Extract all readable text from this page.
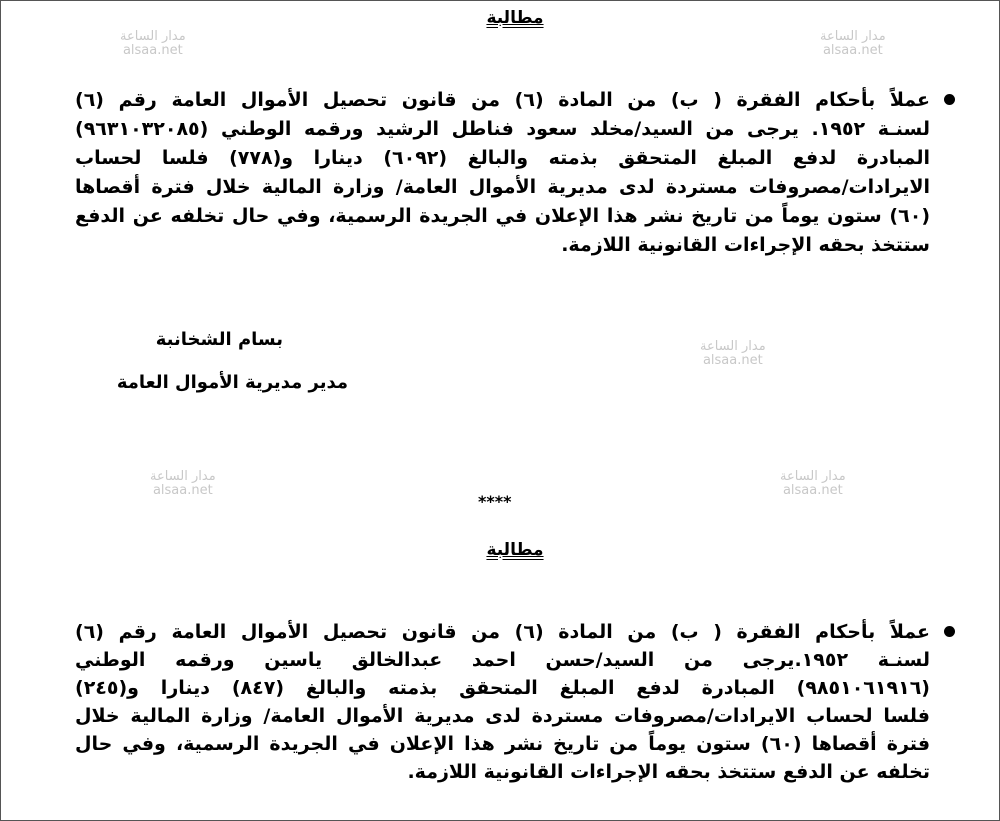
مطالبة
عملاً بأحكام الفقرة ( ب) من المادة (٦) من قانون تحصيل الأموال العامة رقم (٦)
لسنـة ١٩٥٢. يرجى من السيد/مخلد سعود فناطل الرشيد ورقمه الوطني (٩٦٣١٠٣٢٠٨٥)
المبادرة لدفع المبلغ المتحقق بذمته والبالغ (٦٠٩٢) دينارا و(٧٧٨) فلسا لحساب
الايرادات/مصروفات مستردة لدى مديرية الأموال العامة/ وزارة المالية خلال فترة أقصاها
(٦٠) ستون يوماً من تاريخ نشر هذا الإعلان في الجريدة الرسمية، وفي حال تخلفه عن الدفع
ستتخذ بحقه الإجراءات القانونية اللازمة.
بسام الشخانبة
مدير مديرية الأموال العامة
****
مطالبة
عملاً بأحكام الفقرة ( ب) من المادة (٦) من قانون تحصيل الأموال العامة رقم (٦)
لسنـة ١٩٥٢.يرجى من السيد/حسن احمد عبدالخالق ياسين ورقمه الوطني
(٩٨٥١٠٦١٩١٦) المبادرة لدفع المبلغ المتحقق بذمته والبالغ (٨٤٧) دينارا و(٢٤٥)
فلسا لحساب الايرادات/مصروفات مستردة لدى مديرية الأموال العامة/ وزارة المالية خلال
فترة أقصاها (٦٠) ستون يوماً من تاريخ نشر هذا الإعلان في الجريدة الرسمية، وفي حال
تخلفه عن الدفع ستتخذ بحقه الإجراءات القانونية اللازمة.
مدار الساعة
alsaa.net
مدار الساعة
alsaa.net
مدار الساعة
alsaa.net
مدار الساعة
alsaa.net
مدار الساعة
alsaa.net
